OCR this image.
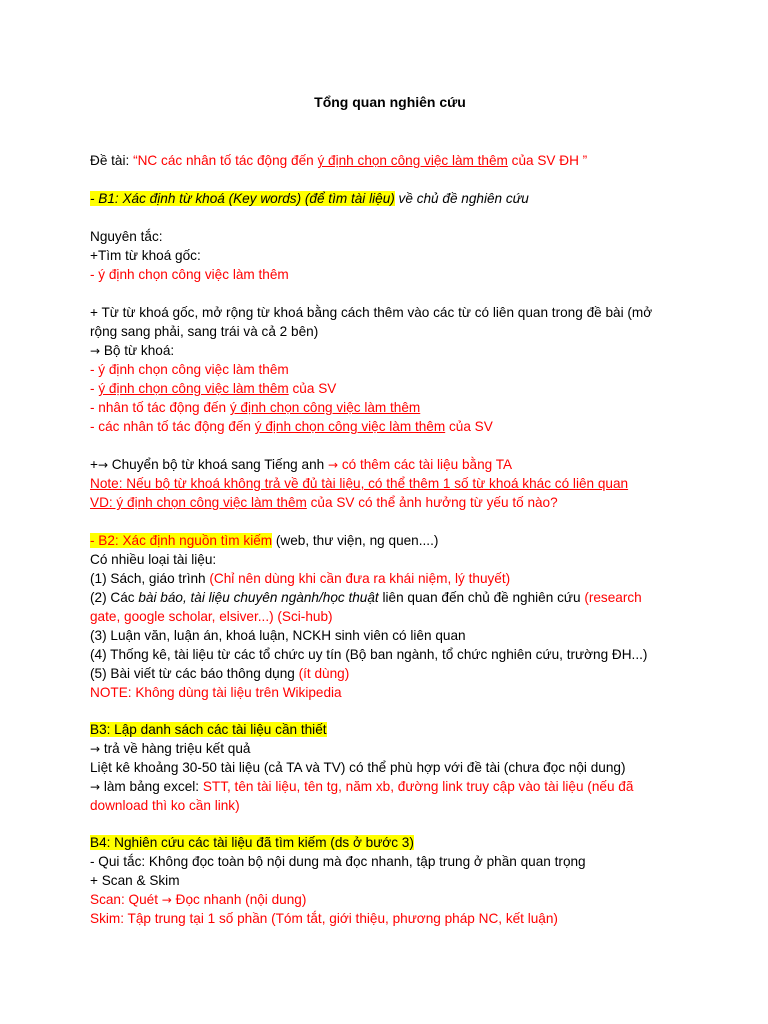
Tổng quan nghiên cứu
Đề tài: “NC các nhân tố tác động đến ý định chọn công việc làm thêm của SV ĐH ”
- B1: Xác định từ khoá (Key words) (để tìm tài liệu) về chủ đề nghiên cứu
Nguyên tắc:
+Tìm từ khoá gốc:
- ý định chọn công việc làm thêm
+ Từ từ khoá gốc, mở rộng từ khoá bằng cách thêm vào các từ có liên quan trong đề bài (mở
rộng sang phải, sang trái và cả 2 bên)
→ Bộ từ khoá:
- ý định chọn công việc làm thêm
- ý định chọn công việc làm thêm của SV
- nhân tố tác động đến ý định chọn công việc làm thêm
- các nhân tố tác động đến ý định chọn công việc làm thêm của SV
+→ Chuyển bộ từ khoá sang Tiếng anh → có thêm các tài liệu bằng TA
Note: Nếu bộ từ khoá không trả về đủ tài liệu, có thể thêm 1 số từ khoá khác có liên quan
VD: ý định chọn công việc làm thêm của SV có thể ảnh hưởng từ yếu tố nào?
- B2: Xác định nguồn tìm kiếm (web, thư viện, ng quen....)
Có nhiều loại tài liệu:
(1) Sách, giáo trình (Chỉ nên dùng khi cần đưa ra khái niệm, lý thuyết)
(2) Các bài báo, tài liệu chuyên ngành/học thuật liên quan đến chủ đề nghiên cứu (research
gate, google scholar, elsiver...) (Sci-hub)
(3) Luận văn, luận án, khoá luận, NCKH sinh viên có liên quan
(4) Thống kê, tài liệu từ các tổ chức uy tín (Bộ ban ngành, tổ chức nghiên cứu, trường ĐH...)
(5) Bài viết từ các báo thông dụng (ít dùng)
NOTE: Không dùng tài liệu trên Wikipedia
B3: Lập danh sách các tài liệu cần thiết
→ trả về hàng triệu kết quả
Liệt kê khoảng 30-50 tài liệu (cả TA và TV) có thể phù hợp với đề tài (chưa đọc nội dung)
→ làm bảng excel: STT, tên tài liệu, tên tg, năm xb, đường link truy cập vào tài liệu (nếu đã
download thì ko cần link)
B4: Nghiên cứu các tài liệu đã tìm kiếm (ds ở bước 3)
- Qui tắc: Không đọc toàn bộ nội dung mà đọc nhanh, tập trung ở phần quan trọng
+ Scan & Skim
Scan: Quét → Đọc nhanh (nội dung)
Skim: Tập trung tại 1 số phần (Tóm tắt, giới thiệu, phương pháp NC, kết luận)
